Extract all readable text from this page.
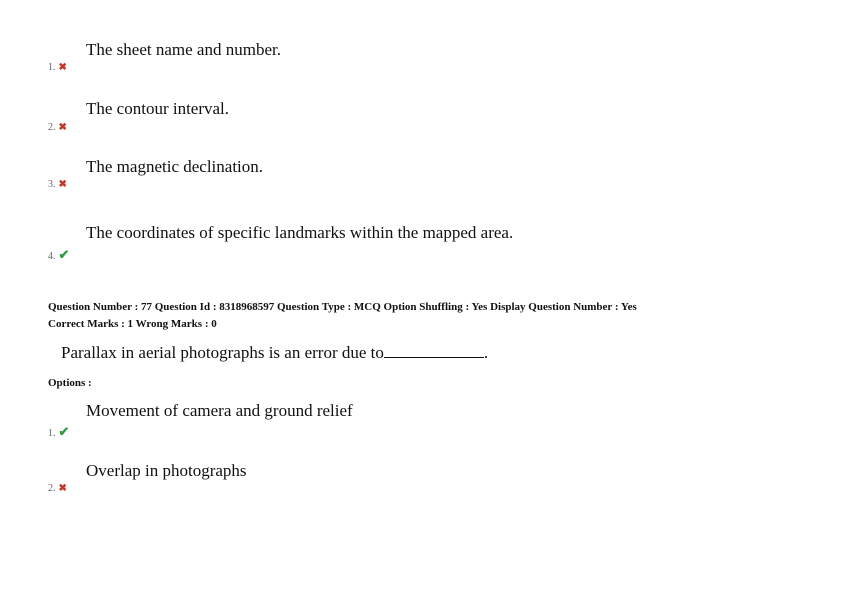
The sheet name and number.
1. ✖
The contour interval.
2. ✖
The magnetic declination.
3. ✖
The coordinates of specific landmarks within the mapped area.
4. ✔
Question Number : 77 Question Id : 8318968597 Question Type : MCQ Option Shuffling : Yes Display Question Number : Yes
Correct Marks : 1 Wrong Marks : 0
Parallax in aerial photographs is an error due to	.
Options :
Movement of camera and ground relief
1. ✔
Overlap in photographs
2. ✖
